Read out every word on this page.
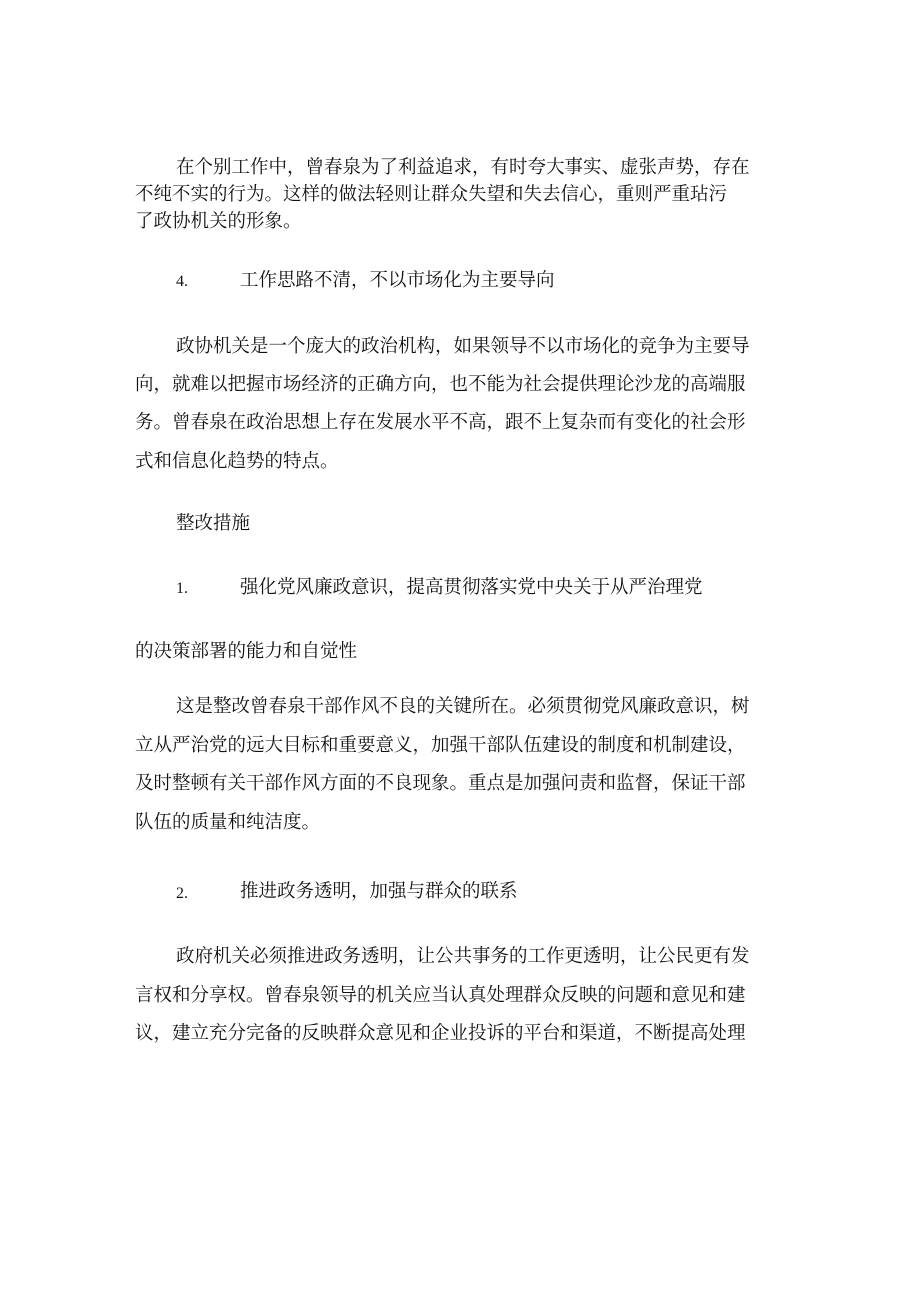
在个别工作中，曾春泉为了利益追求，有时夸大事实、虚张声势，存在
不纯不实的行为。这样的做法轻则让群众失望和失去信心，重则严重玷污
了政协机关的形象。
4.	工作思路不清，不以市场化为主要导向
政协机关是一个庞大的政治机构，如果领导不以市场化的竞争为主要导
向，就难以把握市场经济的正确方向，也不能为社会提供理论沙龙的高端服
务。曾春泉在政治思想上存在发展水平不高，跟不上复杂而有变化的社会形
式和信息化趋势的特点。
整改措施
1.	强化党风廉政意识，提高贯彻落实党中央关于从严治理党
的决策部署的能力和自觉性
这是整改曾春泉干部作风不良的关键所在。必须贯彻党风廉政意识，树
立从严治党的远大目标和重要意义，加强干部队伍建设的制度和机制建设，
及时整顿有关干部作风方面的不良现象。重点是加强问责和监督，保证干部
队伍的质量和纯洁度。
2.	推进政务透明，加强与群众的联系
政府机关必须推进政务透明，让公共事务的工作更透明，让公民更有发
言权和分享权。曾春泉领导的机关应当认真处理群众反映的问题和意见和建
议，建立充分完备的反映群众意见和企业投诉的平台和渠道，不断提高处理
